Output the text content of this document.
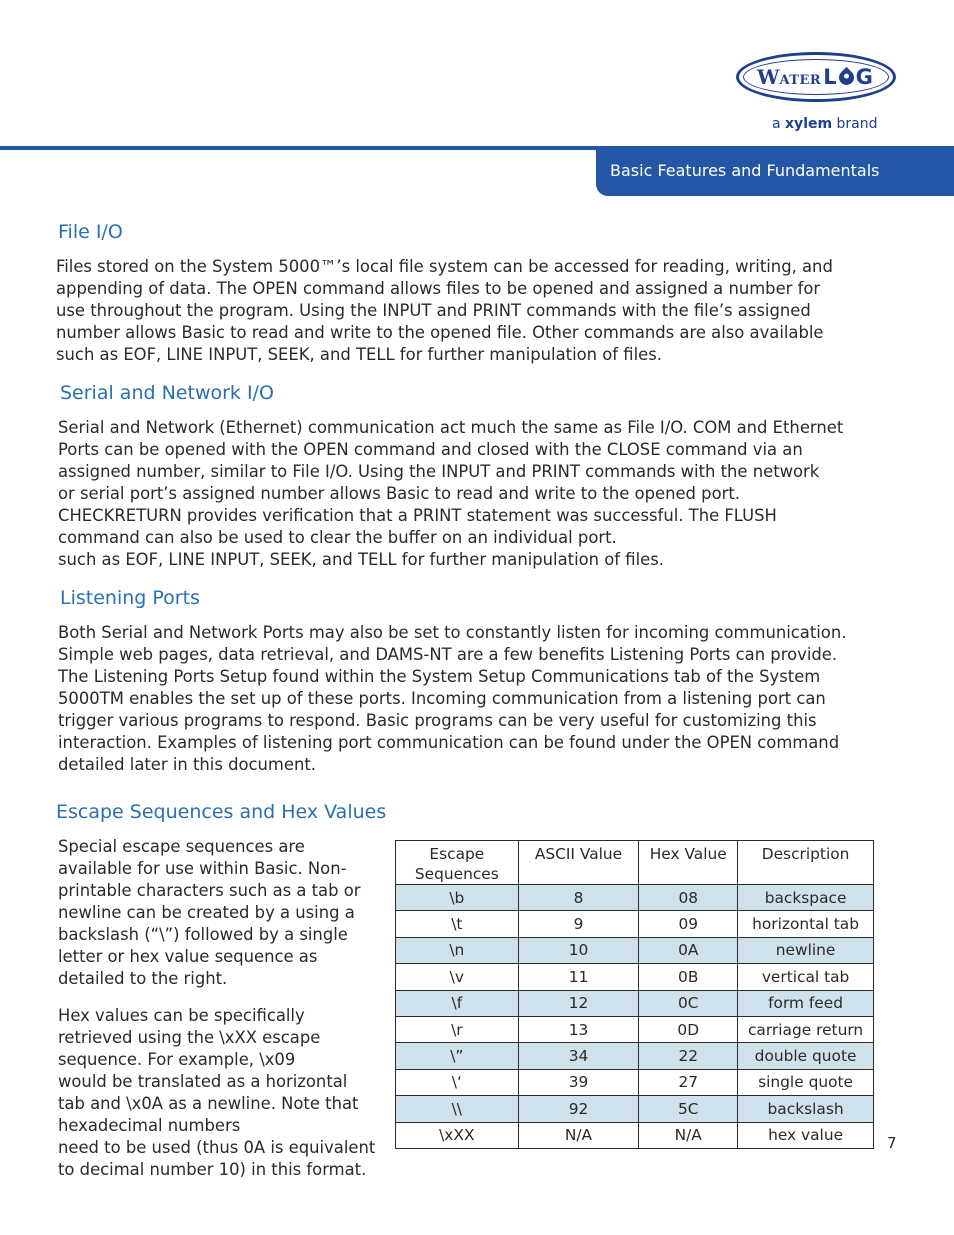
W ATER L G
a xylem brand
Basic Features and Fundamentals
File I/O
Files stored on the System 5000™’s local file system can be accessed for reading, writing, and
appending of data. The OPEN command allows files to be opened and assigned a number for
use throughout the program. Using the INPUT and PRINT commands with the file’s assigned
number allows Basic to read and write to the opened file. Other commands are also available
such as EOF, LINE INPUT, SEEK, and TELL for further manipulation of files.
Serial and Network I/O
Serial and Network (Ethernet) communication act much the same as File I/O. COM and Ethernet
Ports can be opened with the OPEN command and closed with the CLOSE command via an
assigned number, similar to File I/O. Using the INPUT and PRINT commands with the network
or serial port’s assigned number allows Basic to read and write to the opened port.
CHECKRETURN provides verification that a PRINT statement was successful. The FLUSH
command can also be used to clear the buffer on an individual port.
such as EOF, LINE INPUT, SEEK, and TELL for further manipulation of files.
Listening Ports
Both Serial and Network Ports may also be set to constantly listen for incoming communication.
Simple web pages, data retrieval, and DAMS-NT are a few benefits Listening Ports can provide.
The Listening Ports Setup found within the System Setup Communications tab of the System
5000TM enables the set up of these ports. Incoming communication from a listening port can
trigger various programs to respond. Basic programs can be very useful for customizing this
interaction. Examples of listening port communication can be found under the OPEN command
detailed later in this document.
Escape Sequences and Hex Values
Special escape sequences are
available for use within Basic. Non-
printable characters such as a tab or
newline can be created by a using a
backslash (“\”) followed by a single
letter or hex value sequence as
detailed to the right.
Hex values can be specifically
retrieved using the \xXX escape
sequence. For example, \x09
would be translated as a horizontal
tab and \x0A as a newline. Note that
hexadecimal numbers
need to be used (thus 0A is equivalent
to decimal number 10) in this format.
Escape
Sequences	ASCII Value	Hex Value	Description
\b	8	08	backspace
\t	9	09	horizontal tab
\n	10	0A	newline
\v	11	0B	vertical tab
\f	12	0C	form feed
\r	13	0D	carriage return
\”	34	22	double quote
\‘	39	27	single quote
\\	92	5C	backslash
\xXX	N/A	N/A	hex value	7
